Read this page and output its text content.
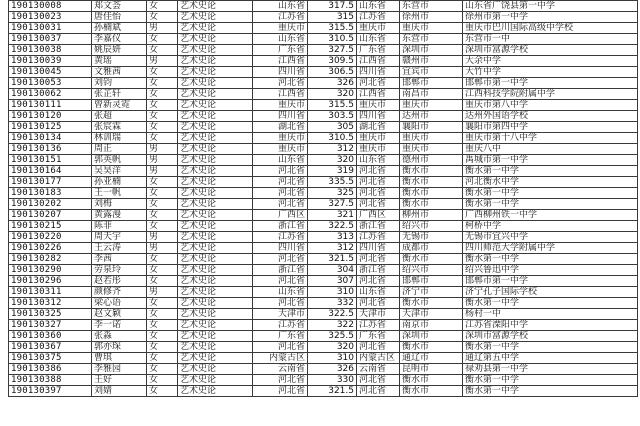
190130008	郑文荟	女	艺术史论	山东省	317.5	山东省	东营市	山东省广饶县第一中学
190130023	唐佳怡	女	艺术史论	江苏省	315	江苏省	徐州市	徐州市第一中学
190130031	孙楠斌	男	艺术史论	重庆市	315.5	重庆市	重庆市	重庆市巴川国际高级中学校
190130037	李嘉仪	女	艺术史论	山东省	310.5	山东省	东营市	东营市一中
190130038	姚辰妍	女	艺术史论	广东省	327.5	广东省	深圳市	深圳市富源学校
190130039	黄瑶	男	艺术史论	江西省	309.5	江西省	赣州市	大余中学
190130045	文雅茜	女	艺术史论	四川省	306.5	四川省	宜宾市	大竹中学
190130053	刘钧	女	艺术史论	河北省	326	河北省	邯郸市	邯郸市第一中学
190130062	张芷轩	女	艺术史论	江西省	320	江西省	南昌市	江西科技学院附属中学
190130111	曾新灵霓	女	艺术史论	重庆市	315.5	重庆市	重庆市	重庆市第八中学
190130120	张超	女	艺术史论	四川省	303.5	四川省	达州市	达州外国语学校
190130125	张宸霖	女	艺术史论	湖北省	305	湖北省	襄阳市	襄阳市第四中学
190130134	林训瑞	女	艺术史论	重庆市	310.5	重庆市	重庆市	重庆市第十八中学
190130136	周正	男	艺术史论	重庆市	312	重庆市	重庆市	重庆八中
190130151	郭英帆	男	艺术史论	山东省	320	山东省	德州市	禹城市第一中学
190130164	吴昊洋	男	艺术史论	河北省	319	河北省	衡水市	衡水第一中学
190130177	孙亚楠	女	艺术史论	河北省	335.5	河北省	衡水市	河北衡水中学
190130183	王一帆	女	艺术史论	河北省	325	河北省	衡水市	衡水第一中学
190130202	刘梅	女	艺术史论	河北省	327.5	河北省	衡水市	衡水第一中学
190130207	黄露漫	女	艺术史论	广西区	321	广西区	柳州市	广西柳州铁一中学
190130215	陈菲	女	艺术史论	浙江省	322.5	浙江省	绍兴市	柯桥中学
190130220	周天宇	男	艺术史论	江苏省	313	江苏省	无锡市	无锡市宜兴中学
190130226	王云涛	男	艺术史论	四川省	312	四川省	成都市	四川师范大学附属中学
190130282	李茜	女	艺术史论	河北省	321.5	河北省	衡水市	衡水第一中学
190130290	劳泉玲	女	艺术史论	浙江省	304	浙江省	绍兴市	绍兴鲁迅中学
190130296	赵若彤	女	艺术史论	河北省	307	河北省	邯郸市	邯郸市第一中学
190130311	颜修齐	男	艺术史论	山东省	310	山东省	济宁市	济宁孔子国际学校
190130312	梁心语	女	艺术史论	河北省	332	河北省	衡水市	衡水第一中学
190130325	赵文颖	女	艺术史论	天津市	322.5	天津市	天津市	杨村一中
190130327	李一诺	女	艺术史论	江苏省	322	江苏省	南京市	江苏省溧阳中学
190130360	张淼	女	艺术史论	广东省	325.5	广东省	深圳市	深圳市富源学校
190130367	郭亦琛	女	艺术史论	河北省	320	河北省	衡水市	衡水第一中学
190130375	曹琪	女	艺术史论	内蒙古区	310	内蒙古区	通辽市	通辽第五中学
190130386	李雅园	女	艺术史论	云南省	326	云南省	昆明市	禄劝县第一中学
190130388	王好	女	艺术史论	河北省	330	河北省	衡水市	衡水第一中学
190130397	刘婧	女	艺术史论	河北省	321.5	河北省	衡水市	衡水第一中学
